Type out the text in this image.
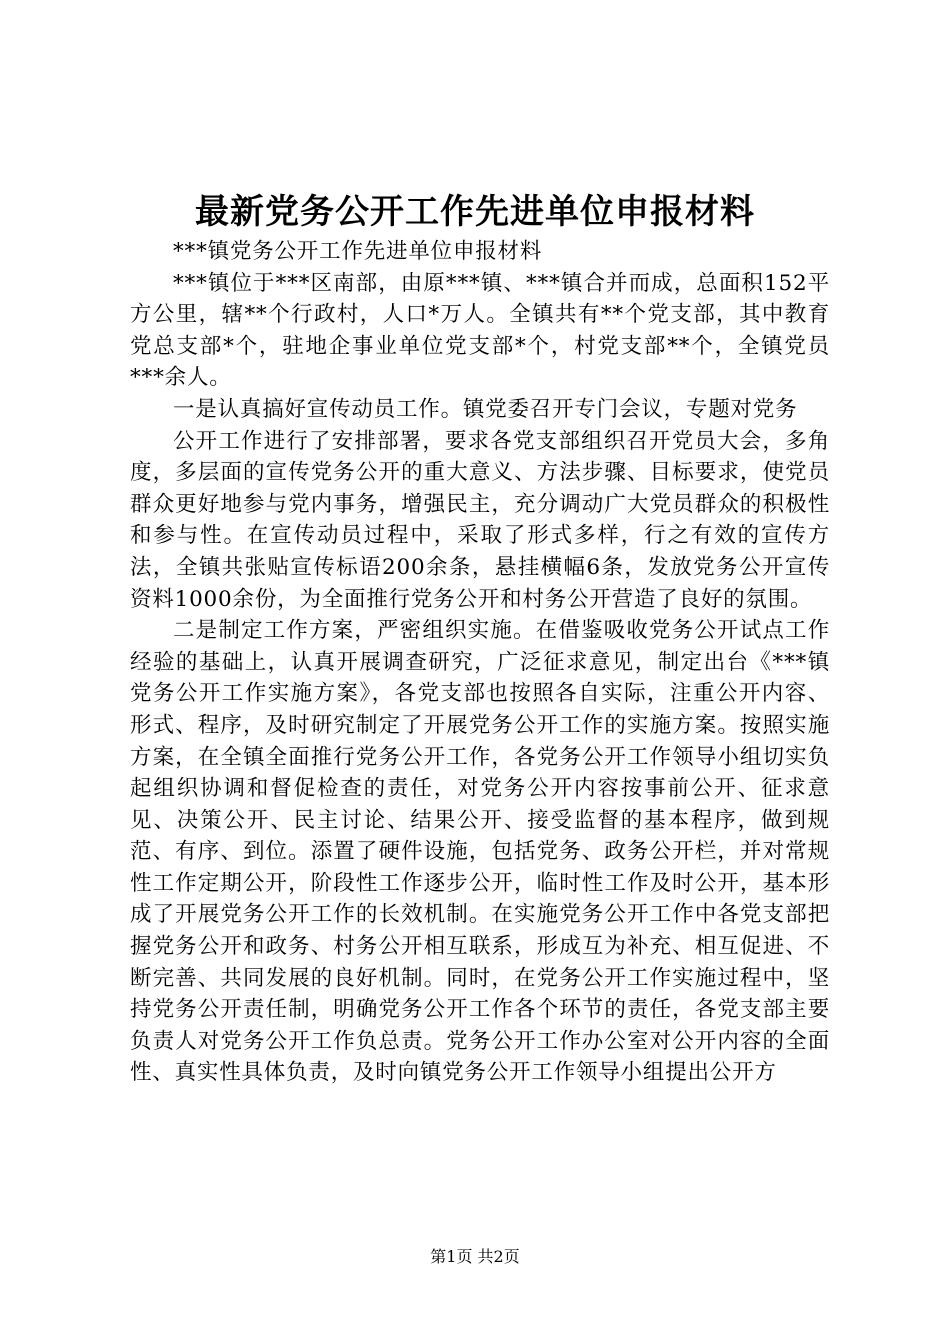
最新党务公开工作先进单位申报材料

***镇党务公开工作先进单位申报材料

***镇位于***区南部，由原***镇、***镇合并而成，总面积152平方公里，辖**个行政村，人口*万人。全镇共有**个党支部，其中教育党总支部*个，驻地企事业单位党支部*个，村党支部**个，全镇党员***余人。

一是认真搞好宣传动员工作。镇党委召开专门会议，专题对党务

公开工作进行了安排部署，要求各党支部组织召开党员大会，多角度，多层面的宣传党务公开的重大意义、方法步骤、目标要求，使党员群众更好地参与党内事务，增强民主，充分调动广大党员群众的积极性和参与性。在宣传动员过程中，采取了形式多样，行之有效的宣传方法，全镇共张贴宣传标语200余条，悬挂横幅6条，发放党务公开宣传资料1000余份，为全面推行党务公开和村务公开营造了良好的氛围。

二是制定工作方案，严密组织实施。在借鉴吸收党务公开试点工作经验的基础上，认真开展调查研究，广泛征求意见，制定出台《***镇党务公开工作实施方案》，各党支部也按照各自实际，注重公开内容、形式、程序，及时研究制定了开展党务公开工作的实施方案。按照实施方案，在全镇全面推行党务公开工作，各党务公开工作领导小组切实负起组织协调和督促检查的责任，对党务公开内容按事前公开、征求意见、决策公开、民主讨论、结果公开、接受监督的基本程序，做到规范、有序、到位。添置了硬件设施，包括党务、政务公开栏，并对常规性工作定期公开，阶段性工作逐步公开，临时性工作及时公开，基本形成了开展党务公开工作的长效机制。在实施党务公开工作中各党支部把握党务公开和政务、村务公开相互联系，形成互为补充、相互促进、不断完善、共同发展的良好机制。同时，在党务公开工作实施过程中，坚持党务公开责任制，明确党务公开工作各个环节的责任，各党支部主要负责人对党务公开工作负总责。党务公开工作办公室对公开内容的全面性、真实性具体负责，及时向镇党务公开工作领导小组提出公开方

第1页 共2页
